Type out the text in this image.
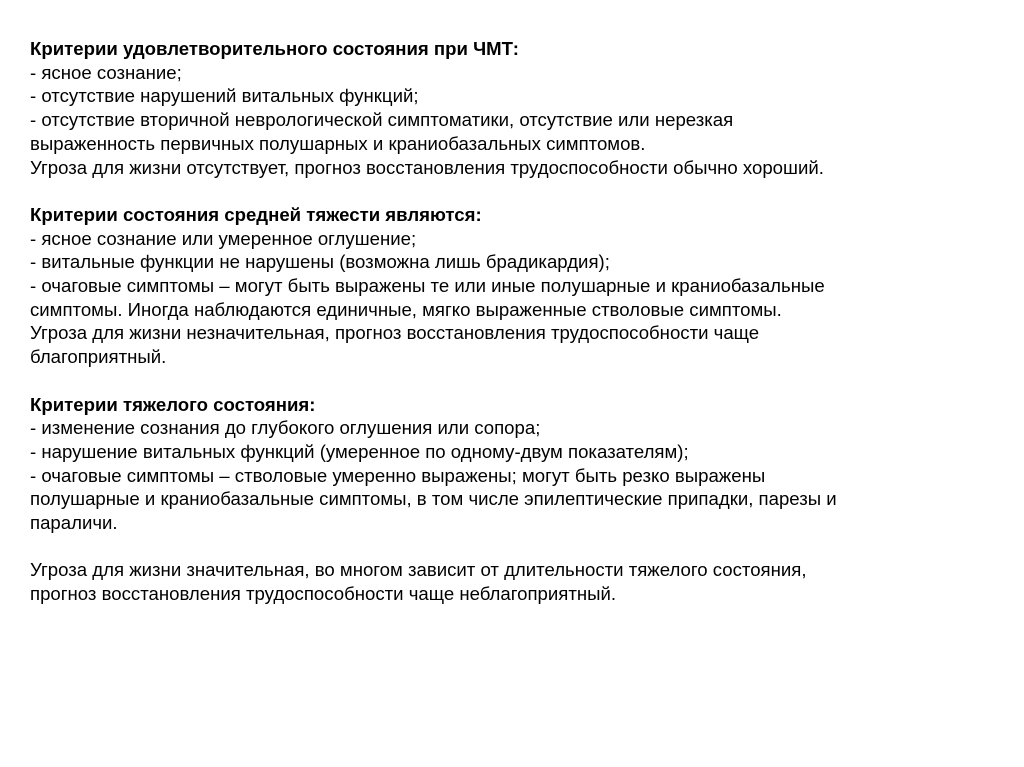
Критерии удовлетворительного состояния при ЧМТ:
- ясное сознание;
- отсутствие нарушений витальных функций;
- отсутствие вторичной неврологической симптоматики, отсутствие или нерезкая
выраженность первичных полушарных и краниобазальных симптомов.
Угроза для жизни отсутствует, прогноз восстановления трудоспособности обычно хороший.
Критерии состояния средней тяжести являются:
- ясное сознание или умеренное оглушение;
- витальные функции не нарушены (возможна лишь брадикардия);
- очаговые симптомы – могут быть выражены те или иные полушарные и краниобазальные
симптомы. Иногда наблюдаются единичные, мягко выраженные стволовые симптомы.
Угроза для жизни незначительная, прогноз восстановления трудоспособности чаще
благоприятный.
Критерии тяжелого состояния:
- изменение сознания до глубокого оглушения или сопора;
- нарушение витальных функций (умеренное по одному-двум показателям);
- очаговые симптомы – стволовые умеренно выражены; могут быть резко выражены
полушарные и краниобазальные симптомы, в том числе эпилептические припадки, парезы и
параличи.
Угроза для жизни значительная, во многом зависит от длительности тяжелого состояния,
прогноз восстановления трудоспособности чаще неблагоприятный.
